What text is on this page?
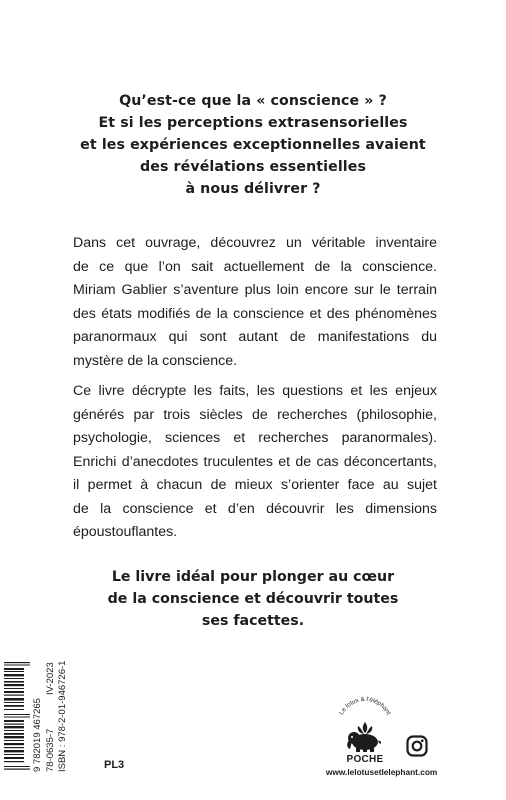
Qu’est-ce que la « conscience » ?
Et si les perceptions extrasensorielles
et les expériences exceptionnelles avaient
des révélations essentielles
à nous délivrer ?
Dans cet ouvrage, découvrez un véritable inventaire
de ce que l’on sait actuellement de la conscience.
Miriam Gablier s’aventure plus loin encore sur le terrain
des états modifiés de la conscience et des phénomènes
paranormaux qui sont autant de manifestations du
mystère de la conscience.
Ce livre décrypte les faits, les questions et les enjeux
générés par trois siècles de recherches (philosophie,
psychologie, sciences et recherches paranormales).
Enrichi d’anecdotes truculentes et de cas déconcertants,
il permet à chacun de mieux s’orienter face au sujet
de la conscience et d’en découvrir les dimensions
époustouflantes.
Le livre idéal pour plonger au cœur
de la conscience et découvrir toutes
ses facettes.
9 782019 467265 78-0635-7 ISBN : 978-2-01-946726-1
IV-2023
PL3
Le lotus & l'éléphant
POCHE
www.lelotusetlelephant.com
